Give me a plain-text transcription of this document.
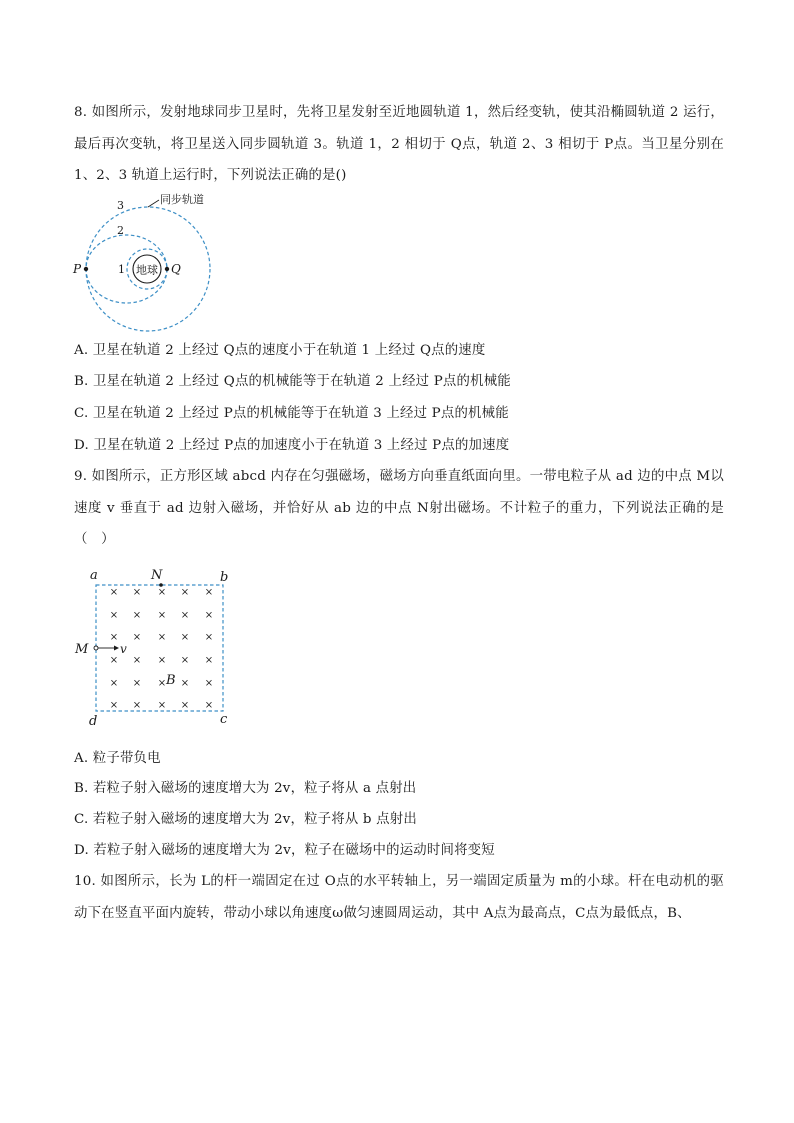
8. 如图所示，发射地球同步卫星时，先将卫星发射至近地圆轨道 1，然后经变轨，使其沿椭圆轨道 2 运行，最后再次变轨，将卫星送入同步圆轨道 3。轨道 1，2 相切于 Q点，轨道 2、3 相切于 P点。当卫星分别在 1、2、3 轨道上运行时，下列说法正确的是()
地球
P	Q
3
2
1
同步轨道
A. 卫星在轨道 2 上经过 Q点的速度小于在轨道 1 上经过 Q点的速度
B. 卫星在轨道 2 上经过 Q点的机械能等于在轨道 2 上经过 P点的机械能
C. 卫星在轨道 2 上经过 P点的机械能等于在轨道 3 上经过 P点的机械能
D. 卫星在轨道 2 上经过 P点的加速度小于在轨道 3 上经过 P点的加速度
9. 如图所示，正方形区域 abcd 内存在匀强磁场，磁场方向垂直纸面向里。一带电粒子从 ad 边的中点 M以速度 v 垂直于 ad 边射入磁场，并恰好从 ab 边的中点 N射出磁场。不计粒子的重力，下列说法正确的是（　）
a	b
c
d
N
M	v
B
× × × × ×
× × × × ×
× × × × ×
× × × × ×
× × × × ×
× × × × ×
A. 粒子带负电
B. 若粒子射入磁场的速度增大为 2v，粒子将从 a 点射出
C. 若粒子射入磁场的速度增大为 2v，粒子将从 b 点射出
D. 若粒子射入磁场的速度增大为 2v，粒子在磁场中的运动时间将变短
10. 如图所示，长为 L的杆一端固定在过 O点的水平转轴上，另一端固定质量为 m的小球。杆在电动机的驱动下在竖直平面内旋转，带动小球以角速度ω做匀速圆周运动，其中 A点为最高点，C点为最低点，B、
